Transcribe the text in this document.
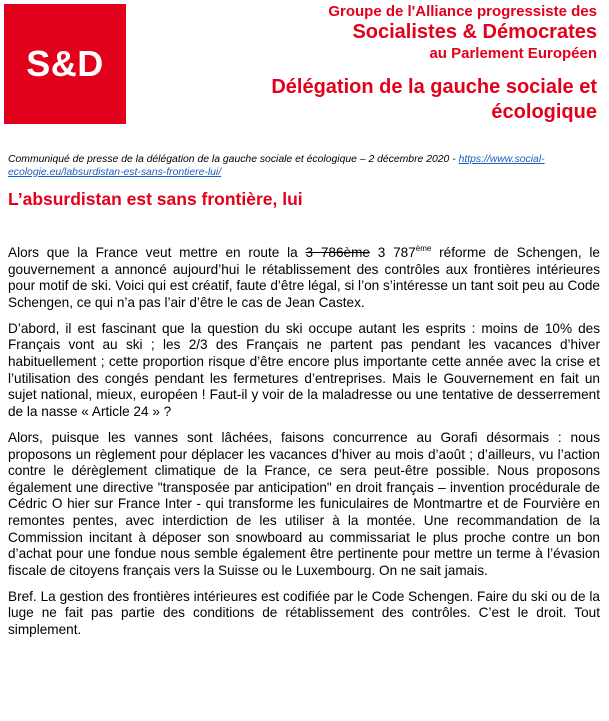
S&D
Groupe de l'Alliance progressiste des
Socialistes & Démocrates
au Parlement Européen
Délégation de la gauche sociale et
écologique
Communiqué de presse de la délégation de la gauche sociale et écologique – 2 décembre 2020 - https://www.social-ecologie.eu/labsurdistan-est-sans-frontiere-lui/
L’absurdistan est sans frontière, lui

Alors que la France veut mettre en route la 3 786ème 3 787ème réforme de Schengen, le gouvernement a annoncé aujourd’hui le rétablissement des contrôles aux frontières intérieures pour motif de ski. Voici qui est créatif, faute d’être légal, si l’on s’intéresse un tant soit peu au Code Schengen, ce qui n’a pas l’air d’être le cas de Jean Castex.

D’abord, il est fascinant que la question du ski occupe autant les esprits : moins de 10% des Français vont au ski ; les 2/3 des Français ne partent pas pendant les vacances d’hiver habituellement ; cette proportion risque d’être encore plus importante cette année avec la crise et l’utilisation des congés pendant les fermetures d’entreprises. Mais le Gouvernement en fait un sujet national, mieux, européen ! Faut-il y voir de la maladresse ou une tentative de desserrement de la nasse « Article 24 » ?

Alors, puisque les vannes sont lâchées, faisons concurrence au Gorafi désormais : nous proposons un règlement pour déplacer les vacances d’hiver au mois d’août ; d’ailleurs, vu l’action contre le dérèglement climatique de la France, ce sera peut-être possible. Nous proposons également une directive "transposée par anticipation" en droit français – invention procédurale de Cédric O hier sur France Inter - qui transforme les funiculaires de Montmartre et de Fourvière en remontes pentes, avec interdiction de les utiliser à la montée. Une recommandation de la Commission incitant à déposer son snowboard au commissariat le plus proche contre un bon d’achat pour une fondue nous semble également être pertinente pour mettre un terme à l’évasion fiscale de citoyens français vers la Suisse ou le Luxembourg. On ne sait jamais.

Bref. La gestion des frontières intérieures est codifiée par le Code Schengen. Faire du ski ou de la luge ne fait pas partie des conditions de rétablissement des contrôles. C’est le droit. Tout simplement.
